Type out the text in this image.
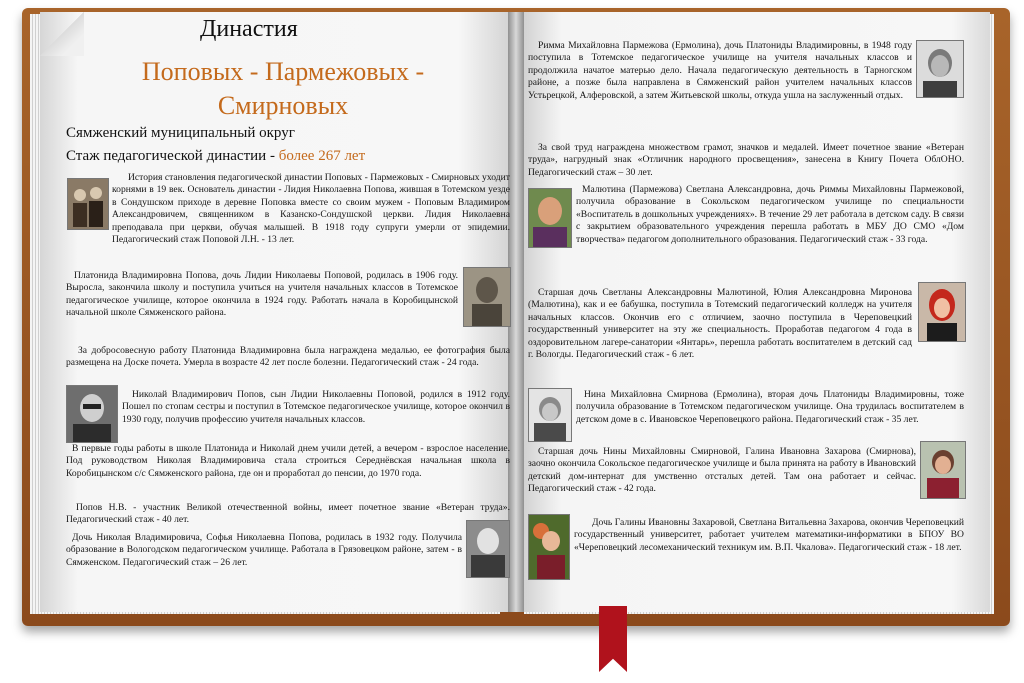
Династия
Поповых - Пармежовых - Смирновых
Сямженский муниципальный округ
Стаж педагогической династии - более 267 лет

История становления педагогической династии Поповых - Пармежовых - Смирновых уходит корнями в 19 век. Основатель династии - Лидия Николаевна Попова, жившая в Тотемском уезде в Сондушском приходе в деревне Поповка вместе со своим мужем - Поповым Владимиром Александровичем, священником в Казанско-Сондушской церкви. Лидия Николаевна преподавала при церкви, обучая малышей. В 1918 году супруги умерли от эпидемии. Педагогический стаж Поповой Л.Н. - 13 лет.

Платонида Владимировна Попова, дочь Лидии Николаевы Поповой, родилась в 1906 году. Выросла, закончила школу и поступила учиться на учителя начальных классов в Тотемское педагогическое училище, которое окончила в 1924 году. Работать начала в Коробицынской начальной школе Сямженского района.

За добросовесную работу Платонида Владимировна была награждена медалью, ее фотография была размещена на Доске почета. Умерла в возрасте 42 лет после болезни. Педагогический стаж - 24 года.

Николай Владимирович Попов, сын Лидии Николаевны Поповой, родился в 1912 году. Пошел по стопам сестры и поступил в Тотемское педагогическое училище, которое окончил в 1930 году, получив профессию учителя начальных классов.

В первые годы работы в школе Платонида и Николай днем учили детей, а вечером - взрослое население. Под руководством Николая Владимировича стала строиться Середнёвская начальная школа в Коробицынском с/с Сямженского района, где он и проработал до пенсии, до 1970 года.

Попов Н.В. - участник Великой отечественной войны, имеет почетное звание «Ветеран труда». Педагогический стаж - 40 лет.

Дочь Николая Владимировича, Софья Николаевна Попова, родилась в 1932 году. Получила образование в Вологодском педагогическом училище. Работала в Грязовецком районе, затем - в Сямженском. Педагогический стаж – 26 лет.

Римма Михайловна Пармежова (Ермолина), дочь Платониды Владимировны, в 1948 году поступила в Тотемское педагогическое училище на учителя начальных классов и продолжила начатое матерью дело. Начала педагогическую деятельность в Тарногском районе, а позже была направлена в Сямженский район учителем начальных классов Устьрецкой, Алферовской, а затем Житьевской школы, откуда ушла на заслуженный отдых.

За свой труд награждена множеством грамот, значков и медалей. Имеет почетное звание «Ветеран труда», нагрудный знак «Отличник народного просвещения», занесена в Книгу Почета ОблОНО. Педагогический стаж – 30 лет.

Малютина (Пармежова) Светлана Александровна, дочь Риммы Михайловны Пармежовой, получила образование в Сокольском педагогическом училище по специальности «Воспитатель в дошкольных учреждениях». В течение 29 лет работала в детском саду. В связи с закрытием образовательного учреждения перешла работать в МБУ ДО СМО «Дом творчества» педагогом дополнительного образования. Педагогический стаж - 33 года.

Старшая дочь Светланы Александровны Малютиной, Юлия Александровна Миронова (Малютина), как и ее бабушка, поступила в Тотемский педагогический колледж на учителя начальных классов. Окончив его с отличием, заочно поступила в Череповецкий государственный университет на эту же специальность. Проработав педагогом 4 года в оздоровительном лагере-санатории «Янтарь», перешла работать воспитателем в детский сад г. Вологды. Педагогический стаж - 6 лет.

Нина Михайловна Смирнова (Ермолина), вторая дочь Платониды Владимировны, тоже получила образование в Тотемском педагогическом училище. Она трудилась воспитателем в детском доме в с. Ивановское Череповецкого района. Педагогический стаж - 35 лет.

Старшая дочь Нины Михайловны Смирновой, Галина Ивановна Захарова (Смирнова), заочно окончила Сокольское педагогическое училище и была принята на работу в Ивановский детский дом-интернат для умственно отсталых детей. Там она работает и сейчас. Педагогический стаж - 42 года.

Дочь Галины Ивановны Захаровой, Светлана Витальевна Захарова, окончив Череповецкий государственный университет, работает учителем математики-информатики в БПОУ ВО «Череповецкий лесомеханический техникум им. В.П. Чкалова». Педагогический стаж - 18 лет.
